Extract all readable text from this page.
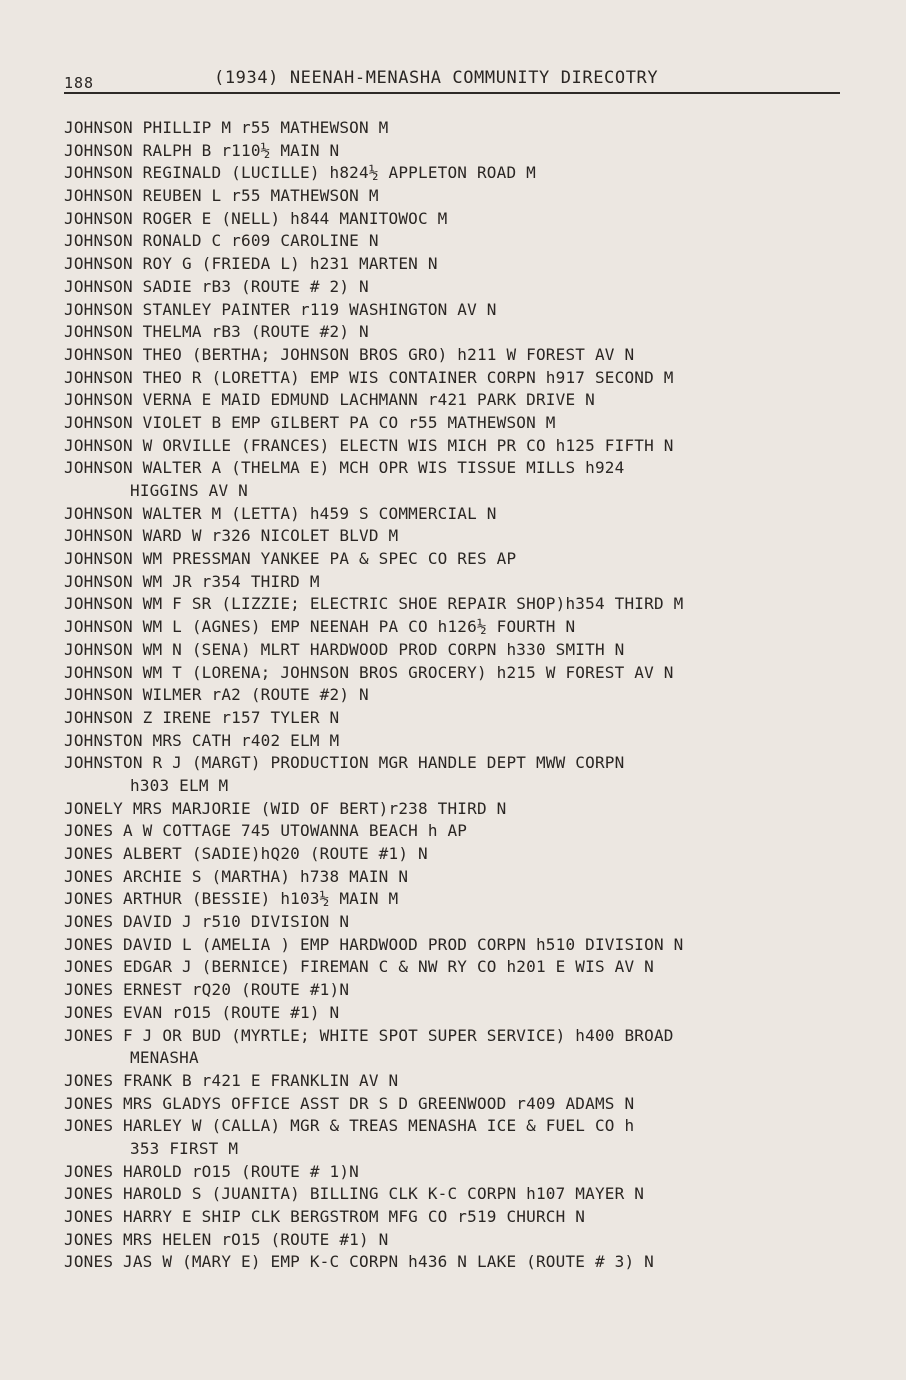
188	(1934) NEENAH-MENASHA COMMUNITY DIRECOTRY
JOHNSON PHILLIP M r55 MATHEWSON M
JOHNSON RALPH B r110½ MAIN N
JOHNSON REGINALD (LUCILLE) h824½ APPLETON ROAD M
JOHNSON REUBEN L r55 MATHEWSON M
JOHNSON ROGER E (NELL) h844 MANITOWOC M
JOHNSON RONALD C r609 CAROLINE N
JOHNSON ROY G (FRIEDA L) h231 MARTEN N
JOHNSON SADIE rB3 (ROUTE # 2) N
JOHNSON STANLEY PAINTER r119 WASHINGTON AV N
JOHNSON THELMA rB3 (ROUTE #2) N
JOHNSON THEO (BERTHA; JOHNSON BROS GRO) h211 W FOREST AV N
JOHNSON THEO R (LORETTA) EMP WIS CONTAINER CORPN h917 SECOND M
JOHNSON VERNA E MAID EDMUND LACHMANN r421 PARK DRIVE N
JOHNSON VIOLET B EMP GILBERT PA CO r55 MATHEWSON M
JOHNSON W ORVILLE (FRANCES) ELECTN WIS MICH PR CO h125 FIFTH N
JOHNSON WALTER A (THELMA E) MCH OPR WIS TISSUE MILLS h924
HIGGINS AV N
JOHNSON WALTER M (LETTA) h459 S COMMERCIAL N
JOHNSON WARD W r326 NICOLET BLVD M
JOHNSON WM PRESSMAN YANKEE PA & SPEC CO RES AP
JOHNSON WM JR r354 THIRD M
JOHNSON WM F SR (LIZZIE; ELECTRIC SHOE REPAIR SHOP)h354 THIRD M
JOHNSON WM L (AGNES) EMP NEENAH PA CO h126½ FOURTH N
JOHNSON WM N (SENA) MLRT HARDWOOD PROD CORPN h330 SMITH N
JOHNSON WM T (LORENA; JOHNSON BROS GROCERY) h215 W FOREST AV N
JOHNSON WILMER rA2 (ROUTE #2) N
JOHNSON Z IRENE r157 TYLER N
JOHNSTON MRS CATH r402 ELM M
JOHNSTON R J (MARGT) PRODUCTION MGR HANDLE DEPT MWW CORPN
h303 ELM M
JONELY MRS MARJORIE (WID OF BERT)r238 THIRD N
JONES A W COTTAGE 745 UTOWANNA BEACH h AP
JONES ALBERT (SADIE)hQ20 (ROUTE #1) N
JONES ARCHIE S (MARTHA) h738 MAIN N
JONES ARTHUR (BESSIE) h103½ MAIN M
JONES DAVID J r510 DIVISION N
JONES DAVID L (AMELIA ) EMP HARDWOOD PROD CORPN h510 DIVISION N
JONES EDGAR J (BERNICE) FIREMAN C & NW RY CO h201 E WIS AV N
JONES ERNEST rQ20 (ROUTE #1)N
JONES EVAN rO15 (ROUTE #1) N
JONES F J OR BUD (MYRTLE; WHITE SPOT SUPER SERVICE) h400 BROAD
MENASHA
JONES FRANK B r421 E FRANKLIN AV N
JONES MRS GLADYS OFFICE ASST DR S D GREENWOOD r409 ADAMS N
JONES HARLEY W (CALLA) MGR & TREAS MENASHA ICE & FUEL CO h
353 FIRST M
JONES HAROLD rO15 (ROUTE # 1)N
JONES HAROLD S (JUANITA) BILLING CLK K-C CORPN h107 MAYER N
JONES HARRY E SHIP CLK BERGSTROM MFG CO r519 CHURCH N
JONES MRS HELEN rO15 (ROUTE #1) N
JONES JAS W (MARY E) EMP K-C CORPN h436 N LAKE (ROUTE # 3) N
